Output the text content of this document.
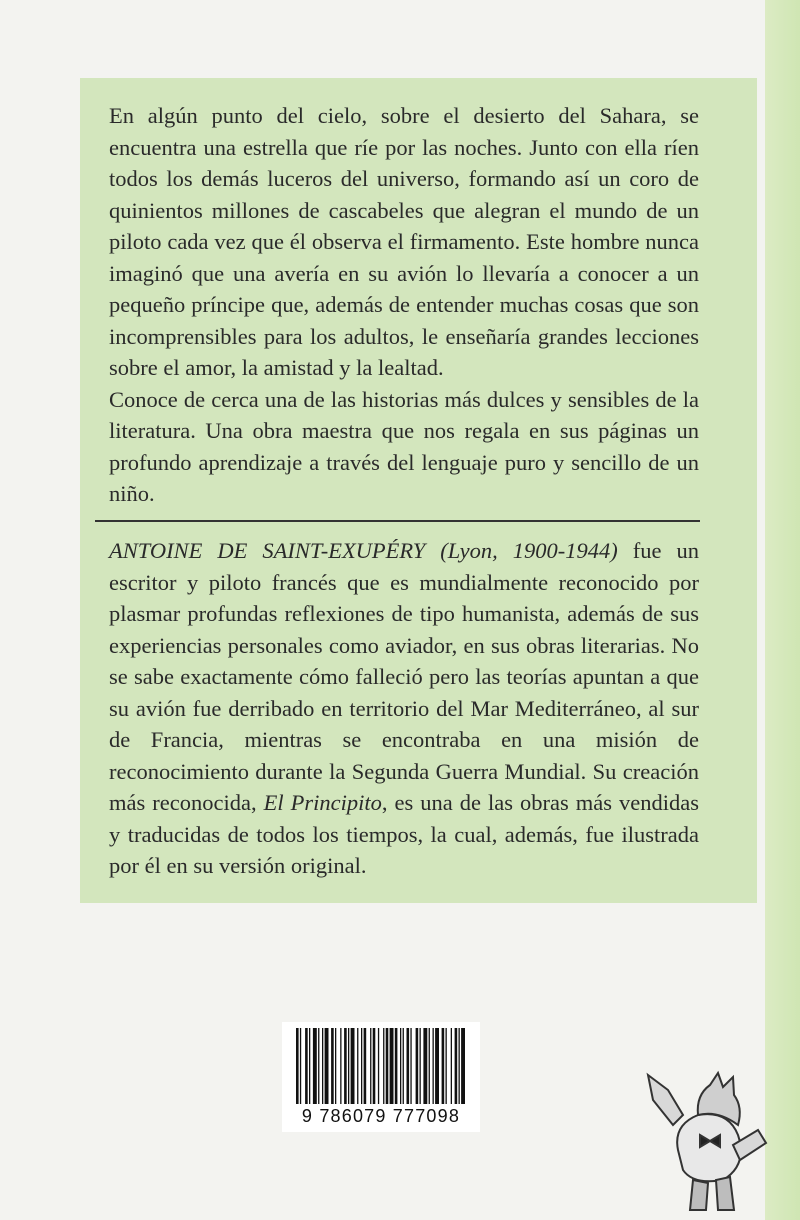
En algún punto del cielo, sobre el desierto del Sahara, se encuentra una estrella que ríe por las noches. Junto con ella ríen todos los demás luceros del universo, formando así un coro de quinientos millones de cascabeles que alegran el mundo de un piloto cada vez que él observa el firmamento. Este hombre nunca imaginó que una avería en su avión lo llevaría a conocer a un pequeño príncipe que, además de entender muchas cosas que son incomprensibles para los adultos, le enseñaría grandes lecciones sobre el amor, la amistad y la lealtad.

Conoce de cerca una de las historias más dulces y sensibles de la literatura. Una obra maestra que nos regala en sus páginas un profundo aprendizaje a través del lenguaje puro y sencillo de un niño.

ANTOINE DE SAINT-EXUPÉRY (Lyon, 1900-1944) fue un escritor y piloto francés que es mundialmente reconocido por plasmar profundas reflexiones de tipo humanista, además de sus experiencias personales como aviador, en sus obras literarias. No se sabe exactamente cómo falleció pero las teorías apuntan a que su avión fue derribado en territorio del Mar Mediterráneo, al sur de Francia, mientras se encontraba en una misión de reconocimiento durante la Segunda Guerra Mundial. Su creación más reconocida, El Principito, es una de las obras más vendidas y traducidas de todos los tiempos, la cual, además, fue ilustrada por él en su versión original.

9 786079 777098
